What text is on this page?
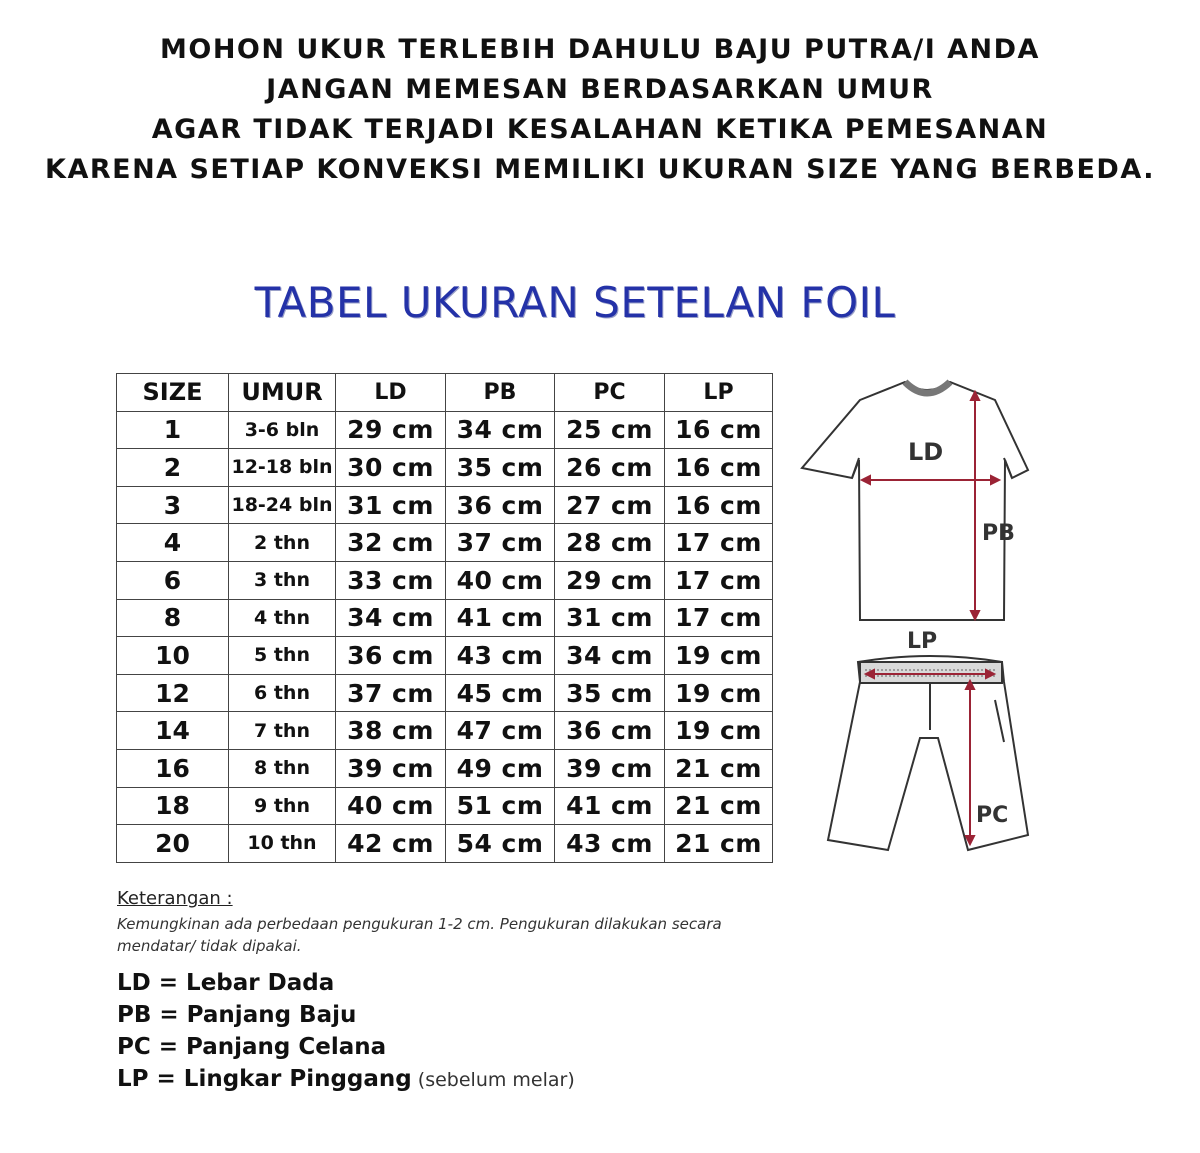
MOHON UKUR TERLEBIH DAHULU BAJU PUTRA/I ANDA
JANGAN MEMESAN BERDASARKAN UMUR
AGAR TIDAK TERJADI KESALAHAN KETIKA PEMESANAN
KARENA SETIAP KONVEKSI MEMILIKI UKURAN SIZE YANG BERBEDA.
TABEL UKURAN SETELAN FOIL
SIZE	UMUR	LD	PB	PC	LP
1	3-6 bln	29 cm	34 cm	25 cm	16 cm
2	12-18 bln	30 cm	35 cm	26 cm	16 cm
3	18-24 bln	31 cm	36 cm	27 cm	16 cm
4	2 thn	32 cm	37 cm	28 cm	17 cm
6	3 thn	33 cm	40 cm	29 cm	17 cm
8	4 thn	34 cm	41 cm	31 cm	17 cm
10	5 thn	36 cm	43 cm	34 cm	19 cm
12	6 thn	37 cm	45 cm	35 cm	19 cm
14	7 thn	38 cm	47 cm	36 cm	19 cm
16	8 thn	39 cm	49 cm	39 cm	21 cm
18	9 thn	40 cm	51 cm	41 cm	21 cm
20	10 thn	42 cm	54 cm	43 cm	21 cm
LD
PB
LP
PC
Keterangan :
Kemungkinan ada perbedaan pengukuran 1-2 cm. Pengukuran dilakukan secara
mendatar/ tidak dipakai.
LD = Lebar Dada
PB = Panjang Baju
PC = Panjang Celana
LP = Lingkar Pinggang (sebelum melar)
